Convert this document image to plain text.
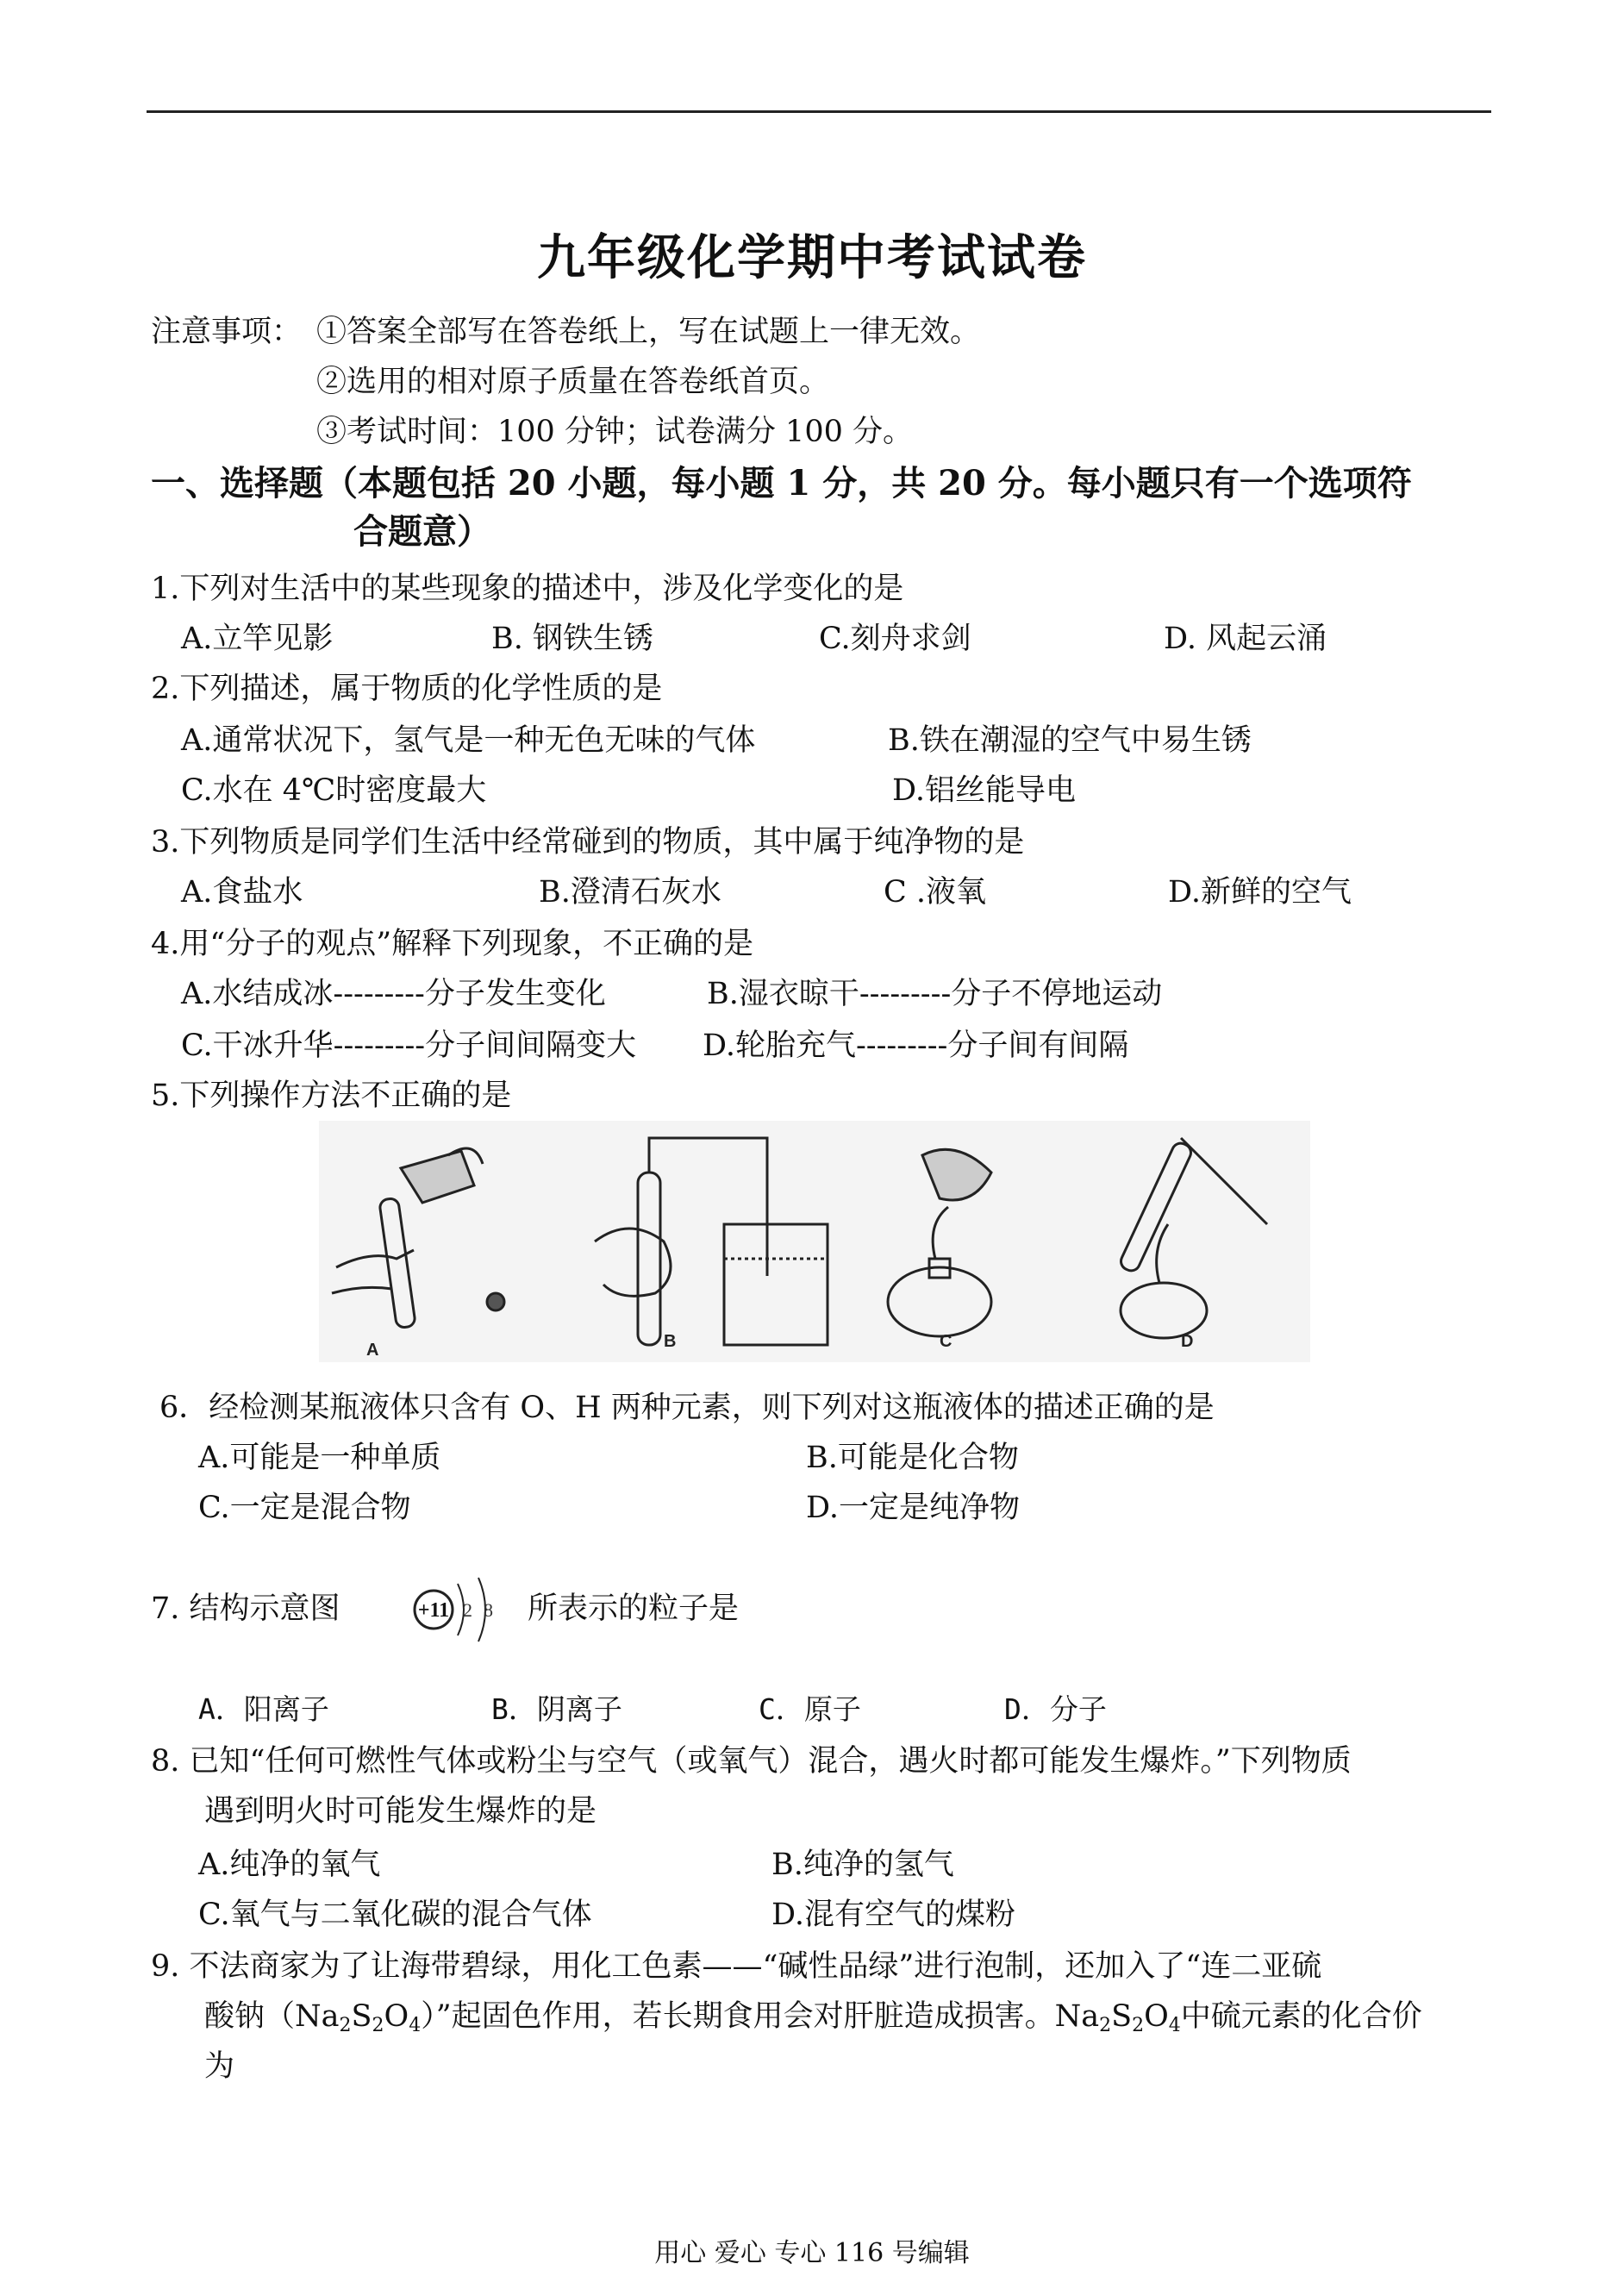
九年级化学期中考试试卷
注意事项： ①答案全部写在答卷纸上，写在试题上一律无效。
②选用的相对原子质量在答卷纸首页。
③考试时间：100 分钟；试卷满分 100 分。
一、选择题（本题包括 20 小题，每小题 1 分，共 20 分。每小题只有一个选项符
合题意）
1.下列对生活中的某些现象的描述中，涉及化学变化的是
A.立竿见影	B. 钢铁生锈	C.刻舟求剑	D. 风起云涌
2.下列描述，属于物质的化学性质的是
A.通常状况下，氢气是一种无色无味的气体	B.铁在潮湿的空气中易生锈
C.水在 4℃时密度最大	D.铝丝能导电
3.下列物质是同学们生活中经常碰到的物质，其中属于纯净物的是
A.食盐水	B.澄清石灰水	C .液氧	D.新鲜的空气
4.用“分子的观点”解释下列现象，不正确的是
A.水结成冰---------分子发生变化	B.湿衣晾干---------分子不停地运动
C.干冰升华---------分子间间隔变大 D.轮胎充气---------分子间有间隔
5.下列操作方法不正确的是
A	B	C	D
6．经检测某瓶液体只含有 O、H 两种元素，则下列对这瓶液体的描述正确的是
A.可能是一种单质	B.可能是化合物
C.一定是混合物	D.一定是纯净物
7. 结构示意图	+11 2 8 所表示的粒子是
A．阳离子	B．阴离子	C．原子	D．分子
8. 已知“任何可燃性气体或粉尘与空气（或氧气）混合，遇火时都可能发生爆炸。”下列物质
遇到明火时可能发生爆炸的是
A.纯净的氧气	B.纯净的氢气
C.氧气与二氧化碳的混合气体	D.混有空气的煤粉
9. 不法商家为了让海带碧绿，用化工色素——“碱性品绿”进行泡制，还加入了“连二亚硫
酸钠$(Na_2S_2O_4)$”起固色作用，若长期食用会对肝脏造成损害。$Na_2S_2O_4$中硫元素的化合价
为
用心 爱心 专心 116 号编辑
